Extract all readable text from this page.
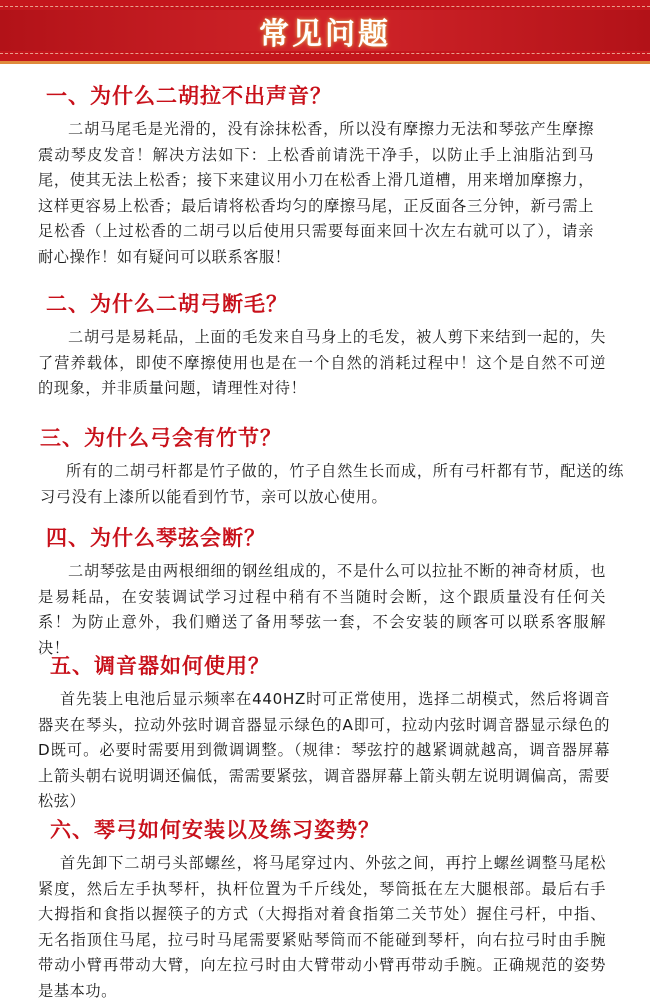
常见问题
一、为什么二胡拉不出声音？

二胡马尾毛是光滑的，没有涂抹松香，所以没有摩擦力无法和琴弦产生摩擦震动琴皮发音！解决方法如下：上松香前请洗干净手，以防止手上油脂沾到马尾，使其无法上松香；接下来建议用小刀在松香上滑几道槽，用来增加摩擦力，这样更容易上松香；最后请将松香均匀的摩擦马尾，正反面各三分钟，新弓需上足松香（上过松香的二胡弓以后使用只需要每面来回十次左右就可以了），请亲耐心操作！如有疑问可以联系客服！

二、为什么二胡弓断毛？

二胡弓是易耗品，上面的毛发来自马身上的毛发，被人剪下来结到一起的，失了营养载体，即使不摩擦使用也是在一个自然的消耗过程中！这个是自然不可逆的现象，并非质量问题，请理性对待！

三、为什么弓会有竹节？

所有的二胡弓杆都是竹子做的，竹子自然生长而成，所有弓杆都有节，配送的练习弓没有上漆所以能看到竹节，亲可以放心使用。

四、为什么琴弦会断？

二胡琴弦是由两根细细的钢丝组成的，不是什么可以拉扯不断的神奇材质，也是易耗品，在安装调试学习过程中稍有不当随时会断，这个跟质量没有任何关系！为防止意外，我们赠送了备用琴弦一套，不会安装的顾客可以联系客服解决！

五、调音器如何使用？

首先装上电池后显示频率在440HZ时可正常使用，选择二胡模式，然后将调音器夹在琴头，拉动外弦时调音器显示绿色的A即可，拉动内弦时调音器显示绿色的D既可。必要时需要用到微调调整。（规律：琴弦拧的越紧调就越高，调音器屏幕上箭头朝右说明调还偏低，需需要紧弦，调音器屏幕上箭头朝左说明调偏高，需要松弦）

六、琴弓如何安装以及练习姿势？

首先卸下二胡弓头部螺丝，将马尾穿过内、外弦之间，再拧上螺丝调整马尾松紧度，然后左手执琴杆，执杆位置为千斤线处，琴筒抵在左大腿根部。最后右手大拇指和食指以握筷子的方式（大拇指对着食指第二关节处）握住弓杆，中指、无名指顶住马尾，拉弓时马尾需要紧贴琴筒而不能碰到琴杆，向右拉弓时由手腕带动小臂再带动大臂，向左拉弓时由大臂带动小臂再带动手腕。正确规范的姿势是基本功。
